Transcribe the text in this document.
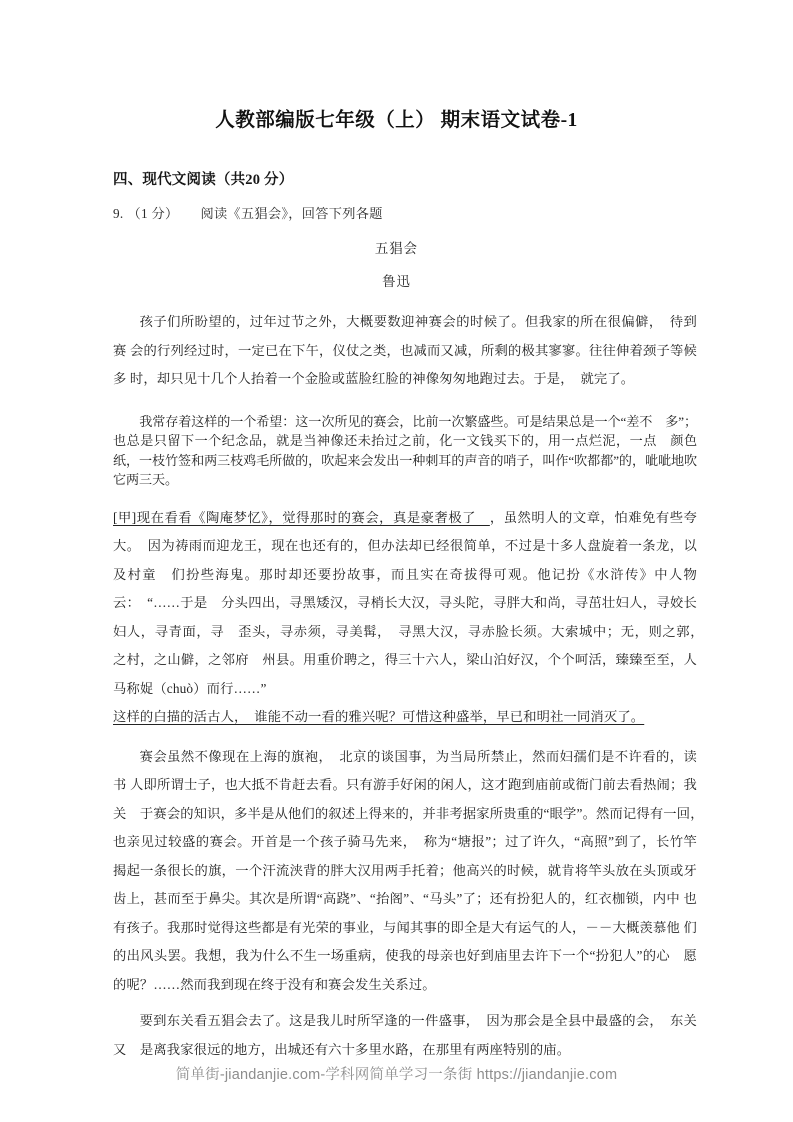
人教部编版七年级（上） 期末语文试卷-1
四、现代文阅读（共20 分）
9. （1 分） 阅读《五猖会》，回答下列各题
五猖会
鲁迅

孩子们所盼望的，过年过节之外，大概要数迎神赛会的时候了。但我家的所在很偏僻，　待到赛 会的行列经过时，一定已在下午，仪仗之类，也减而又减，所剩的极其寥寥。往往伸着颈子等候多 时，却只见十几个人抬着一个金脸或蓝脸红脸的神像匆匆地跑过去。于是，　就完了。

我常存着这样的一个希望：这一次所见的赛会，比前一次繁盛些。可是结果总是一个“差不　多”；也总是只留下一个纪念品，就是当神像还未抬过之前，化一文钱买下的，用一点烂泥，一点　颜色纸，一枝竹签和两三枝鸡毛所做的，吹起来会发出一种刺耳的声音的哨子，叫作“吹都都”的，呲呲地吹它两三天。

[甲]现在看看《陶庵梦忆》，觉得那时的赛会，真是豪奢极了　，虽然明人的文章，怕难免有些夸大。　因为祷雨而迎龙王，现在也还有的，但办法却已经很简单，不过是十多人盘旋着一条龙，以及村童　们扮些海鬼。那时却还要扮故事，而且实在奇拔得可观。他记扮《水浒传》中人物云：　“……于是　分头四出，寻黑矮汉，寻梢长大汉，寻头陀，寻胖大和尚，寻茁壮妇人，寻姣长妇人，寻青面，寻　歪头，寻赤须，寻美髯，　寻黑大汉，寻赤脸长须。大索城中；无，则之郭，　之村，之山僻，之邻府　州县。用重价聘之，得三十六人，梁山泊好汉，个个呵活，臻臻至至，人马称娖（chuò）而行……”
这样的白描的活古人，　谁能不动一看的雅兴呢？可惜这种盛举，早已和明社一同消灭了。

赛会虽然不像现在上海的旗袍，　北京的谈国事，为当局所禁止，然而妇孺们是不许看的，读书 人即所谓士子，也大抵不肯赶去看。只有游手好闲的闲人，这才跑到庙前或衙门前去看热闹；我关　于赛会的知识，多半是从他们的叙述上得来的，并非考据家所贵重的“眼学”。然而记得有一回，　也亲见过较盛的赛会。开首是一个孩子骑马先来，　称为“塘报”；过了许久，“高照”到了，长竹竿 揭起一条很长的旗，一个汗流浃背的胖大汉用两手托着；他高兴的时候，就肯将竿头放在头顶或牙　齿上，甚而至于鼻尖。其次是所谓“高跷”、“抬阁”、“马头”了；还有扮犯人的，红衣枷锁，内中 也有孩子。我那时觉得这些都是有光荣的事业，与闻其事的即全是大有运气的人，－－大概羡慕他 们的出风头罢。我想，我为什么不生一场重病，使我的母亲也好到庙里去许下一个“扮犯人”的心　愿的呢？……然而我到现在终于没有和赛会发生关系过。

要到东关看五猖会去了。这是我儿时所罕逢的一件盛事，　因为那会是全县中最盛的会，　东关又　是离我家很远的地方，出城还有六十多里水路，在那里有两座特别的庙。

简单街-jiandanjie.com-学科网简单学习一条街 https://jiandanjie.com
